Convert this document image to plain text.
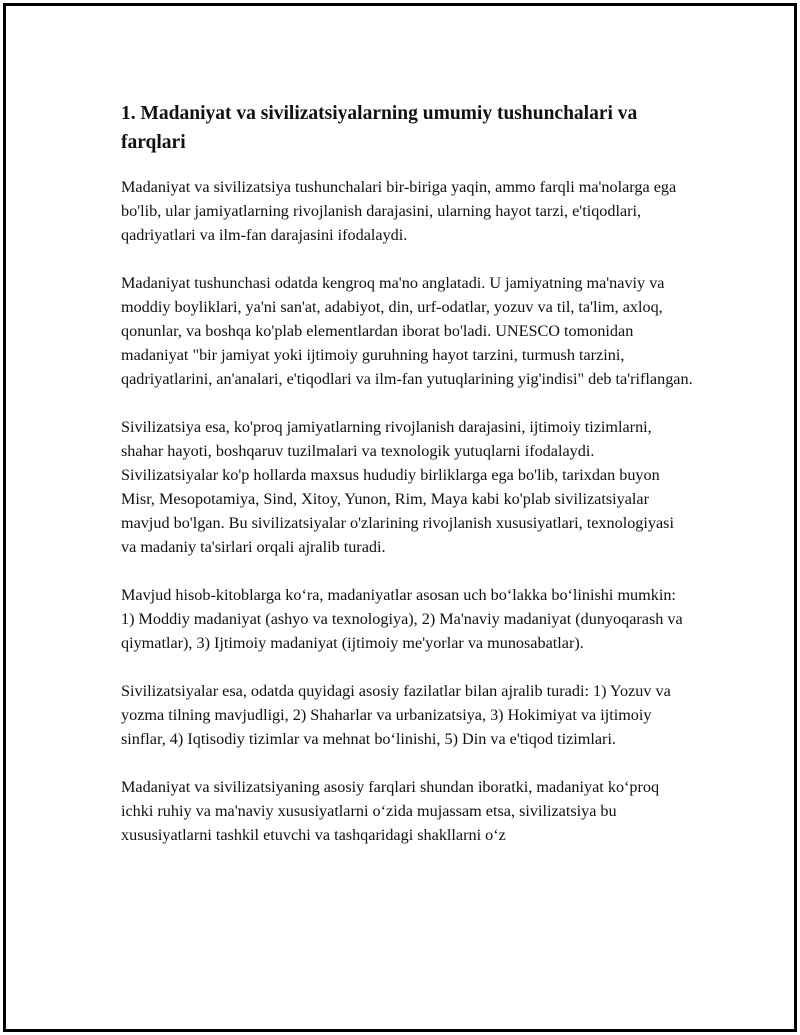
1. Madaniyat va sivilizatsiyalarning umumiy tushunchalari va farqlari

Madaniyat va sivilizatsiya tushunchalari bir-biriga yaqin, ammo farqli ma'nolarga ega bo'lib, ular jamiyatlarning rivojlanish darajasini, ularning hayot tarzi, e'tiqodlari, qadriyatlari va ilm-fan darajasini ifodalaydi.

Madaniyat tushunchasi odatda kengroq ma'no anglatadi. U jamiyatning ma'naviy va moddiy boyliklari, ya'ni san'at, adabiyot, din, urf-odatlar, yozuv va til, ta'lim, axloq, qonunlar, va boshqa ko'plab elementlardan iborat bo'ladi. UNESCO tomonidan madaniyat "bir jamiyat yoki ijtimoiy guruhning hayot tarzini, turmush tarzini, qadriyatlarini, an'analari, e'tiqodlari va ilm-fan yutuqlarining yig'indisi" deb ta'riflangan.

Sivilizatsiya esa, ko'proq jamiyatlarning rivojlanish darajasini, ijtimoiy tizimlarni, shahar hayoti, boshqaruv tuzilmalari va texnologik yutuqlarni ifodalaydi. Sivilizatsiyalar ko'p hollarda maxsus hududiy birliklarga ega bo'lib, tarixdan buyon Misr, Mesopotamiya, Sind, Xitoy, Yunon, Rim, Maya kabi ko'plab sivilizatsiyalar mavjud bo'lgan. Bu sivilizatsiyalar o'zlarining rivojlanish xususiyatlari, texnologiyasi va madaniy ta'sirlari orqali ajralib turadi.

Mavjud hisob-kitoblarga koʻra, madaniyatlar asosan uch boʻlakka boʻlinishi mumkin: 1) Moddiy madaniyat (ashyo va texnologiya), 2) Ma'naviy madaniyat (dunyoqarash va qiymatlar), 3) Ijtimoiy madaniyat (ijtimoiy me'yorlar va munosabatlar).

Sivilizatsiyalar esa, odatda quyidagi asosiy fazilatlar bilan ajralib turadi: 1) Yozuv va yozma tilning mavjudligi, 2) Shaharlar va urbanizatsiya, 3) Hokimiyat va ijtimoiy sinflar, 4) Iqtisodiy tizimlar va mehnat boʻlinishi, 5) Din va e'tiqod tizimlari.

Madaniyat va sivilizatsiyaning asosiy farqlari shundan iboratki, madaniyat koʻproq ichki ruhiy va ma'naviy xususiyatlarni oʻzida mujassam etsa, sivilizatsiya bu xususiyatlarni tashkil etuvchi va tashqaridagi shakllarni oʻz
